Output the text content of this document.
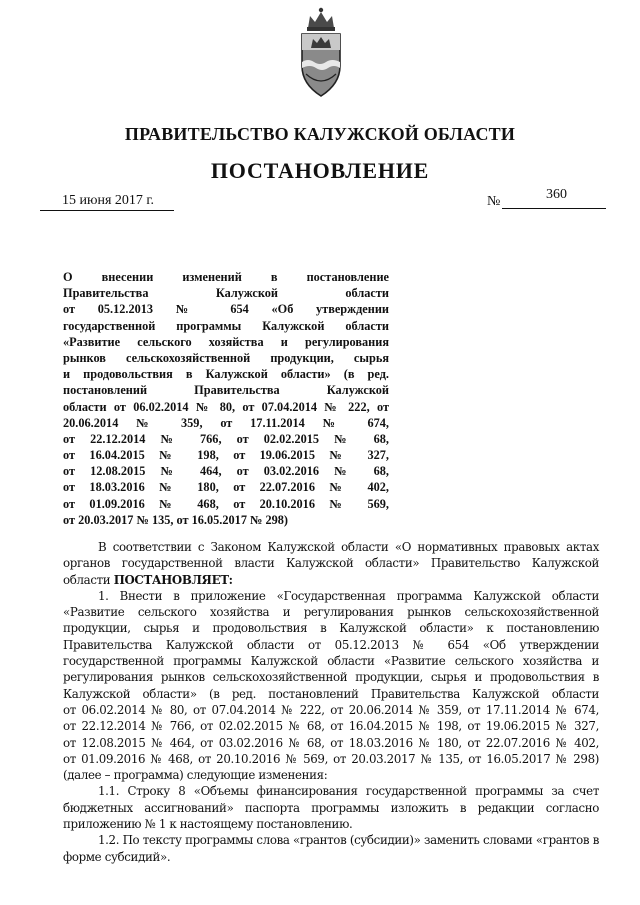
ПРАВИТЕЛЬСТВО КАЛУЖСКОЙ ОБЛАСТИ
ПОСТАНОВЛЕНИЕ
15 июня 2017 г.	№	360
О внесении изменений в постановление
Правительства Калужской области
от 05.12.2013 № 654 «Об утверждении
государственной программы Калужской области
«Развитие сельского хозяйства и регулирования
рынков сельскохозяйственной продукции, сырья
и продовольствия в Калужской области» (в ред.
постановлений Правительства Калужской
области от 06.02.2014 № 80, от 07.04.2014 № 222, от
20.06.2014 № 359, от 17.11.2014 № 674,
от 22.12.2014 № 766, от 02.02.2015 № 68,
от 16.04.2015 № 198, от 19.06.2015 № 327,
от 12.08.2015 № 464, от 03.02.2016 № 68,
от 18.03.2016 № 180, от 22.07.2016 № 402,
от 01.09.2016 № 468, от 20.10.2016 № 569,
от 20.03.2017 № 135, от 16.05.2017 № 298)
В соответствии с Законом Калужской области «О нормативных правовых актах
органов государственной власти Калужской области» Правительство Калужской
области ПОСТАНОВЛЯЕТ:
1. Внести в приложение «Государственная программа Калужской области
«Развитие сельского хозяйства и регулирования рынков сельскохозяйственной
продукции, сырья и продовольствия в Калужской области» к постановлению
Правительства Калужской области от 05.12.2013 № 654 «Об утверждении
государственной программы Калужской области «Развитие сельского хозяйства и
регулирования рынков сельскохозяйственной продукции, сырья и продовольствия в
Калужской области» (в ред. постановлений Правительства Калужской области
от 06.02.2014 № 80, от 07.04.2014 № 222, от 20.06.2014 № 359, от 17.11.2014 № 674,
от 22.12.2014 № 766, от 02.02.2015 № 68, от 16.04.2015 № 198, от 19.06.2015 № 327,
от 12.08.2015 № 464, от 03.02.2016 № 68, от 18.03.2016 № 180, от 22.07.2016 № 402,
от 01.09.2016 № 468, от 20.10.2016 № 569, от 20.03.2017 № 135, от 16.05.2017 № 298)
(далее – программа) следующие изменения:
1.1. Строку 8 «Объемы финансирования государственной программы за счет
бюджетных ассигнований» паспорта программы изложить в редакции согласно
приложению № 1 к настоящему постановлению.
1.2. По тексту программы слова «грантов (субсидии)» заменить словами «грантов в
форме субсидий».
